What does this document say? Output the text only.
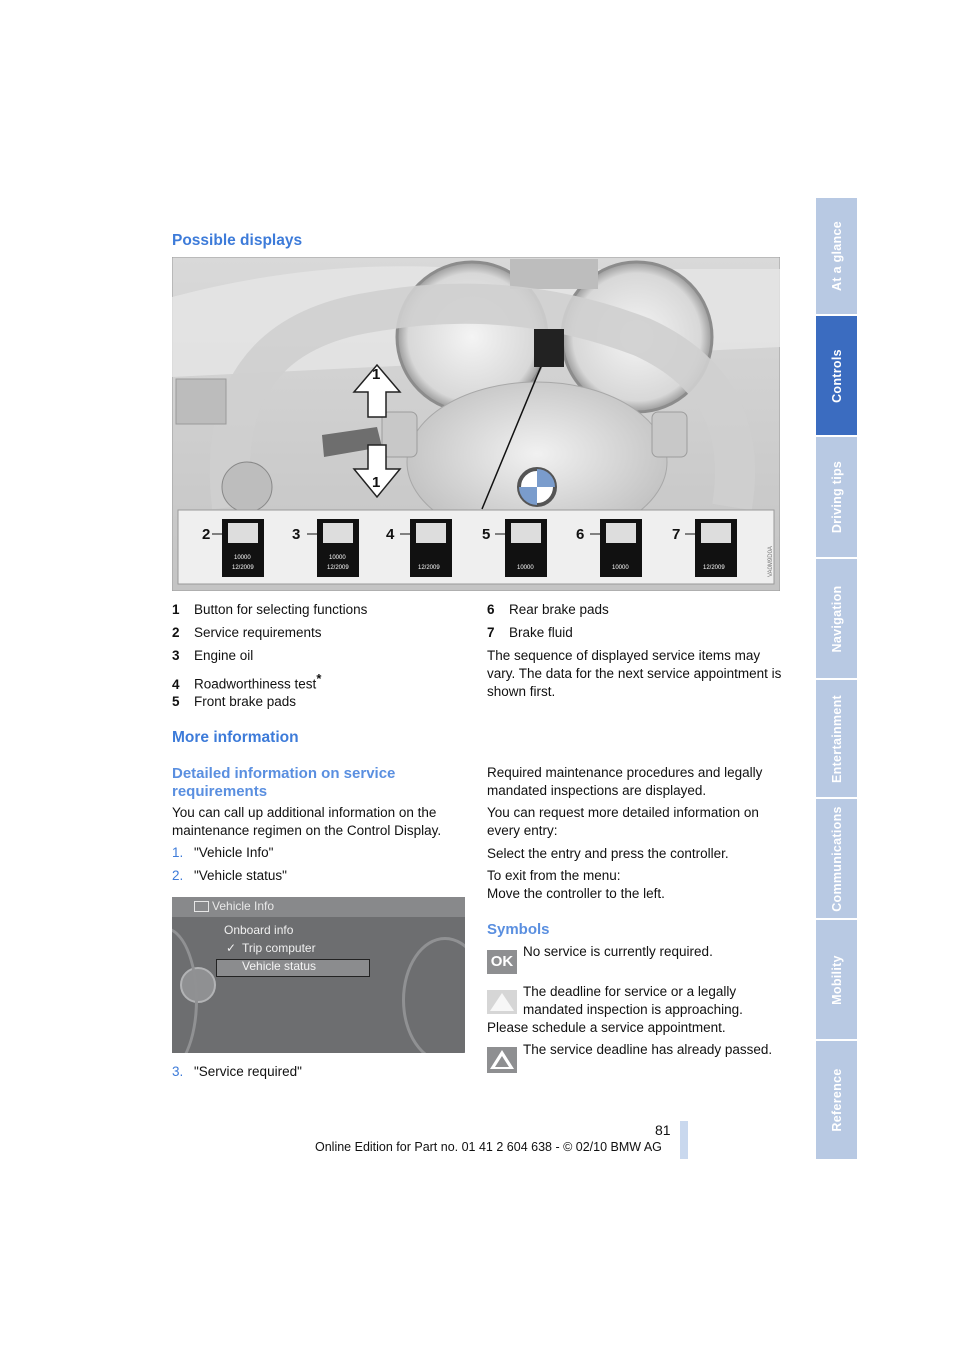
At a glance
Controls
Driving tips
Navigation
Entertainment
Communications
Mobility
Reference
Possible displays
2	3	4	5	6	7
1
1
10000
12/2009
10000
12/2009	12/2009	10000	10000	12/2009	VA0M9D0A
1 Button for selecting functions
2 Service requirements
3 Engine oil
4 Roadworthiness test*
5 Front brake pads
6 Rear brake pads
7 Brake fluid
The sequence of displayed service items may vary. The data for the next service appointment is shown first.
More information
Detailed information on service requirements
You can call up additional information on the maintenance regimen on the Control Display.
1. "Vehicle Info"
2. "Vehicle status"
Vehicle Info
Onboard info
✓ Trip computer
Vehicle status
3. "Service required"
Required maintenance procedures and legally mandated inspections are displayed.
You can request more detailed information on every entry:
Select the entry and press the controller.
To exit from the menu:
Move the controller to the left.
Symbols
OK
No service is currently required.
The deadline for service or a legally
mandated inspection is approaching.
Please schedule a service appointment.
The service deadline has already passed.
81
Online Edition for Part no. 01 41 2 604 638 - © 02/10 BMW AG
